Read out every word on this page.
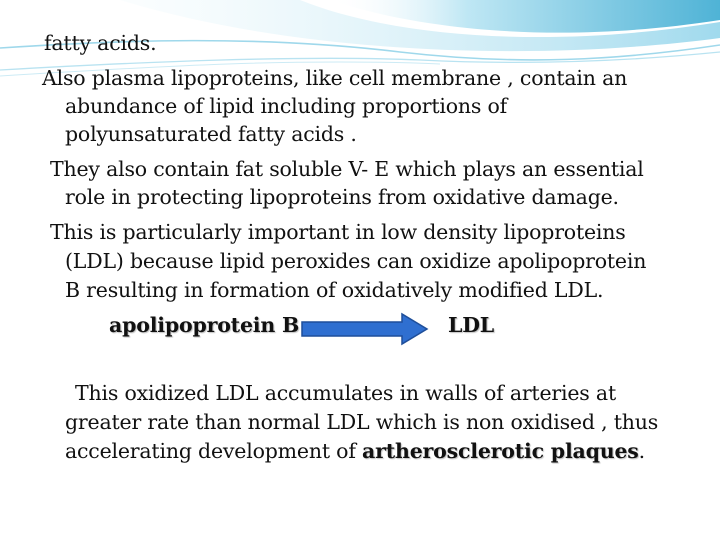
fatty acids.
Also plasma lipoproteins, like cell membrane , contain an
abundance of lipid including proportions of
polyunsaturated fatty acids .
They also contain fat soluble V- E which plays an essential
role in protecting lipoproteins from oxidative damage.
This is particularly important in low density lipoproteins
(LDL) because lipid peroxides can oxidize apolipoprotein
B resulting in formation of oxidatively modified LDL.
apolipoprotein B	LDL
This oxidized LDL accumulates in walls of arteries at
greater rate than normal LDL which is non oxidised , thus
accelerating development of artherosclerotic plaques.
